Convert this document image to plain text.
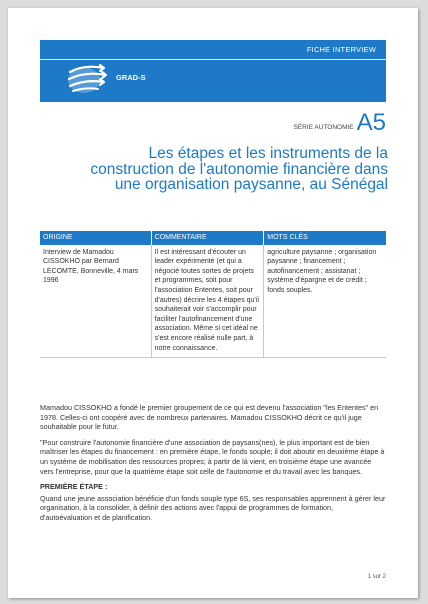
FICHE INTERVIEW
GRAD-S
SÉRIE AUTONOMIE A5
Les étapes et les instruments de la construction de l'autonomie financière dans une organisation paysanne, au Sénégal
ORIGINE	COMMENTAIRE	MOTS CLÉS
Interview de Mamadou CISSOKHO par Bernard LECOMTE, Bonneville, 4 mars 1996	Il est intéressant d'écouter un leader expérimenté (et qui a négocié toutes sortes de projets et programmes, soit pour l'association Ententes, soit pour d'autres) décrire les 4 étapes qu'il souhaiterait voir s'accomplir pour faciliter l'autofinancement d'une association. Même si cet idéal ne s'est encore réalisé nulle part, à notre connaissance.	agriculture paysanne ; organisation paysanne ; financement ; autofinancement ; assistanat ; système d'épargne et de crédit ; fonds souples.

Mamadou CISSOKHO a fondé le premier groupement de ce qui est devenu l'association "les Ententes" en 1978. Celles-ci ont coopéré avec de nombreux partenaires. Mamadou CISSOKHO décrit ce qu'il juge souhaitable pour le futur.

"Pour construire l'autonomie financière d'une association de paysans(nes), le plus important est de bien maîtriser les étapes du financement : en première étape, le fonds souple; il doit aboutir en deuxième étape à un système de mobilisation des ressources propres; à partir de là vient, en troisième étape une avancée vers l'entreprise, pour que la quatrième étape soit celle de l'autonomie et du travail avec les banques.

PREMIÈRE ÉTAPE :

Quand une jeune association bénéficie d'un fonds souple type 6S, ses responsables apprennent à gérer leur organisation, à la consolider, à définir des actions avec l'appui de programmes de formation, d'autoévaluation et de planification.

1 sur 2
